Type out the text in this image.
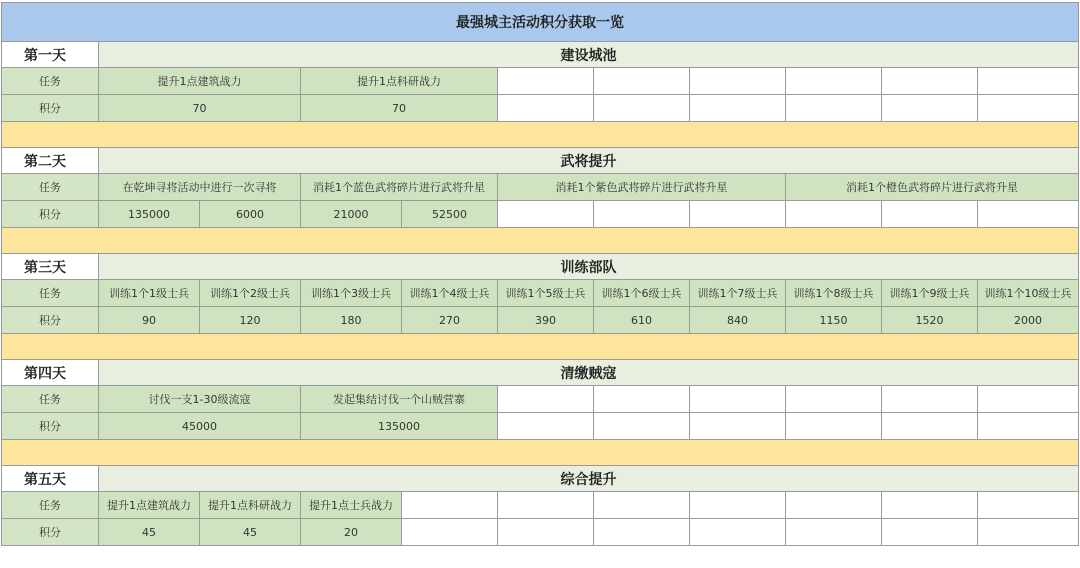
最强城主活动积分获取一览										
第一天	建设城池									
任务	提升1点建筑战力		提升1点科研战力							
积分	70		70							

第二天	武将提升									
任务	在乾坤寻将活动中进行一次寻将		消耗1个蓝色武将碎片进行武将升星		消耗1个紫色武将碎片进行武将升星			消耗1个橙色武将碎片进行武将升星		
积分	135000	6000	21000	52500						

第三天	训练部队									
任务	训练1个1级士兵	训练1个2级士兵	训练1个3级士兵	训练1个4级士兵	训练1个5级士兵	训练1个6级士兵	训练1个7级士兵	训练1个8级士兵	训练1个9级士兵	训练1个10级士兵
积分	90	120	180	270	390	610	840	1150	1520	2000

第四天	清缴贼寇									
任务	讨伐一支1-30级流寇		发起集结讨伐一个山贼营寨							
积分	45000		135000							

第五天	综合提升									
任务	提升1点建筑战力	提升1点科研战力	提升1点士兵战力							
积分	45	45	20							
